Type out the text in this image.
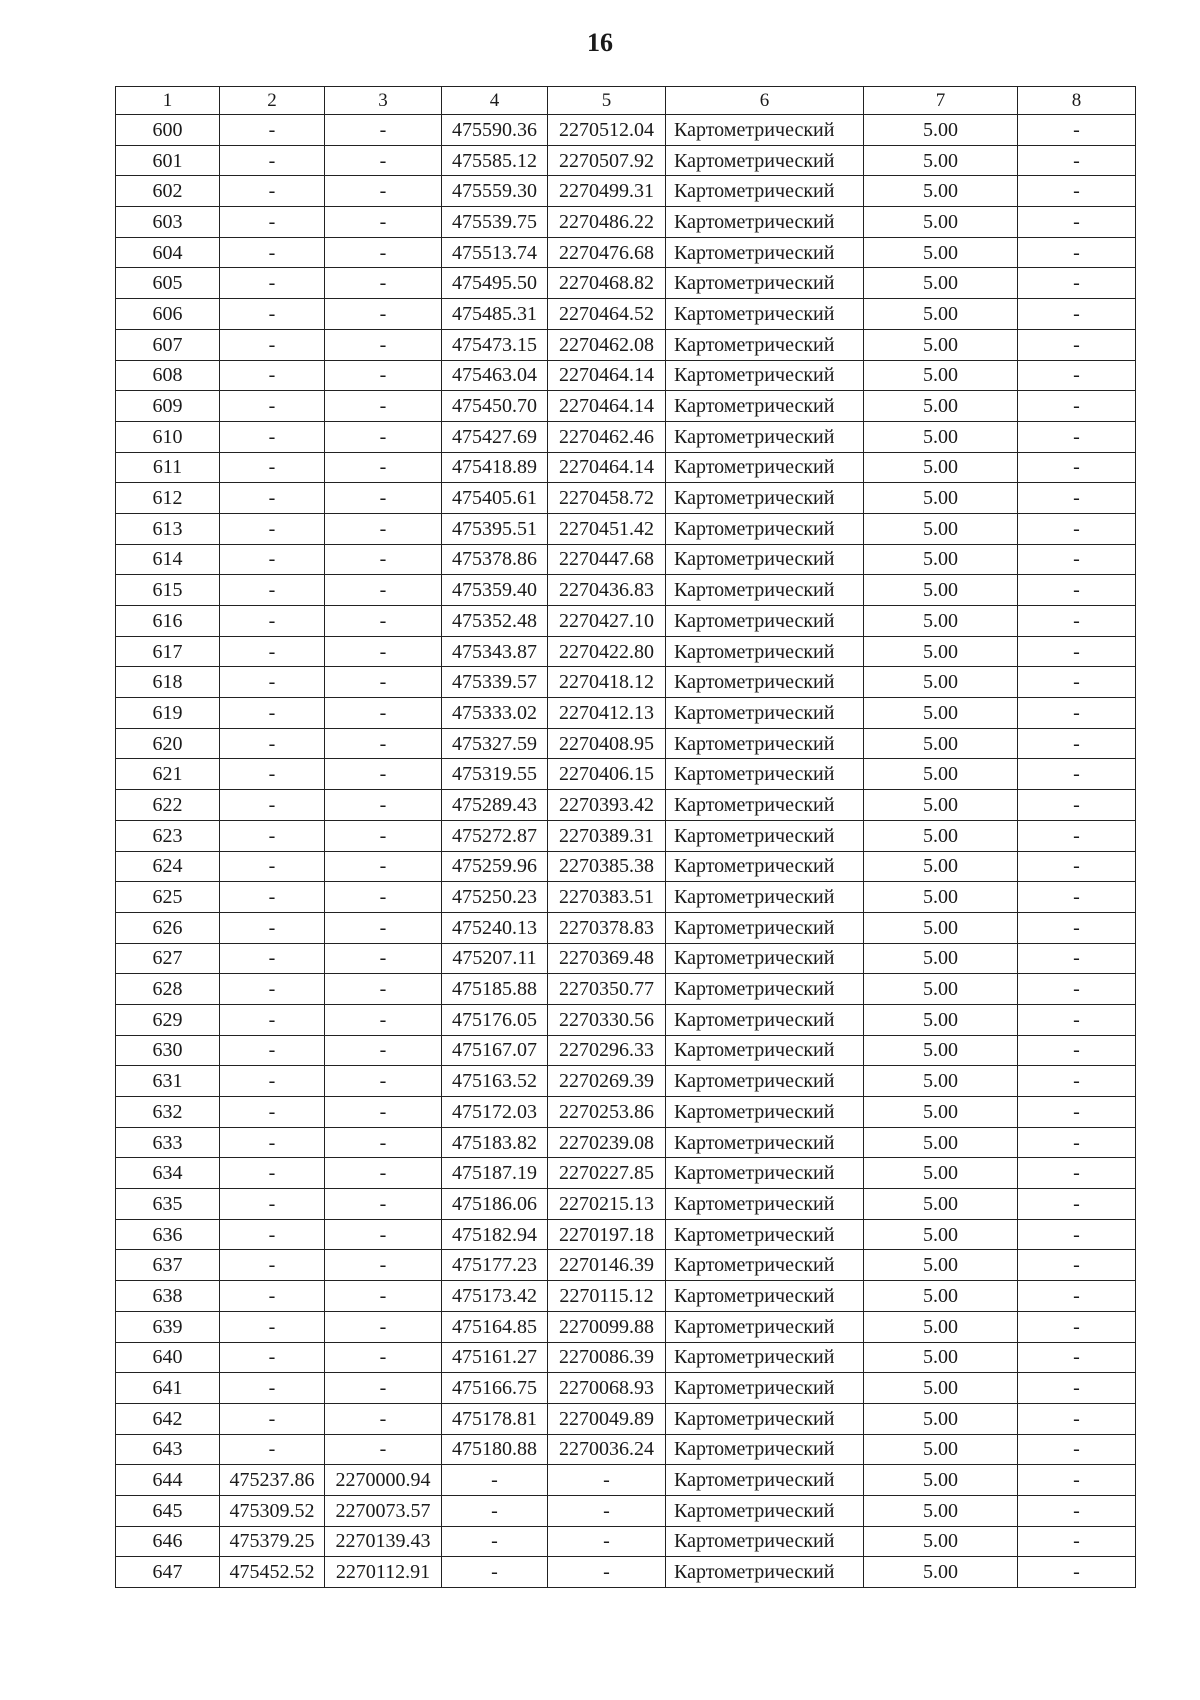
16
1	2	3	4	5	6	7	8
600	-	-	475590.36	2270512.04	Картометрический	5.00	-
601	-	-	475585.12	2270507.92	Картометрический	5.00	-
602	-	-	475559.30	2270499.31	Картометрический	5.00	-
603	-	-	475539.75	2270486.22	Картометрический	5.00	-
604	-	-	475513.74	2270476.68	Картометрический	5.00	-
605	-	-	475495.50	2270468.82	Картометрический	5.00	-
606	-	-	475485.31	2270464.52	Картометрический	5.00	-
607	-	-	475473.15	2270462.08	Картометрический	5.00	-
608	-	-	475463.04	2270464.14	Картометрический	5.00	-
609	-	-	475450.70	2270464.14	Картометрический	5.00	-
610	-	-	475427.69	2270462.46	Картометрический	5.00	-
611	-	-	475418.89	2270464.14	Картометрический	5.00	-
612	-	-	475405.61	2270458.72	Картометрический	5.00	-
613	-	-	475395.51	2270451.42	Картометрический	5.00	-
614	-	-	475378.86	2270447.68	Картометрический	5.00	-
615	-	-	475359.40	2270436.83	Картометрический	5.00	-
616	-	-	475352.48	2270427.10	Картометрический	5.00	-
617	-	-	475343.87	2270422.80	Картометрический	5.00	-
618	-	-	475339.57	2270418.12	Картометрический	5.00	-
619	-	-	475333.02	2270412.13	Картометрический	5.00	-
620	-	-	475327.59	2270408.95	Картометрический	5.00	-
621	-	-	475319.55	2270406.15	Картометрический	5.00	-
622	-	-	475289.43	2270393.42	Картометрический	5.00	-
623	-	-	475272.87	2270389.31	Картометрический	5.00	-
624	-	-	475259.96	2270385.38	Картометрический	5.00	-
625	-	-	475250.23	2270383.51	Картометрический	5.00	-
626	-	-	475240.13	2270378.83	Картометрический	5.00	-
627	-	-	475207.11	2270369.48	Картометрический	5.00	-
628	-	-	475185.88	2270350.77	Картометрический	5.00	-
629	-	-	475176.05	2270330.56	Картометрический	5.00	-
630	-	-	475167.07	2270296.33	Картометрический	5.00	-
631	-	-	475163.52	2270269.39	Картометрический	5.00	-
632	-	-	475172.03	2270253.86	Картометрический	5.00	-
633	-	-	475183.82	2270239.08	Картометрический	5.00	-
634	-	-	475187.19	2270227.85	Картометрический	5.00	-
635	-	-	475186.06	2270215.13	Картометрический	5.00	-
636	-	-	475182.94	2270197.18	Картометрический	5.00	-
637	-	-	475177.23	2270146.39	Картометрический	5.00	-
638	-	-	475173.42	2270115.12	Картометрический	5.00	-
639	-	-	475164.85	2270099.88	Картометрический	5.00	-
640	-	-	475161.27	2270086.39	Картометрический	5.00	-
641	-	-	475166.75	2270068.93	Картометрический	5.00	-
642	-	-	475178.81	2270049.89	Картометрический	5.00	-
643	-	-	475180.88	2270036.24	Картометрический	5.00	-
644	475237.86	2270000.94	-	-	Картометрический	5.00	-
645	475309.52	2270073.57	-	-	Картометрический	5.00	-
646	475379.25	2270139.43	-	-	Картометрический	5.00	-
647	475452.52	2270112.91	-	-	Картометрический	5.00	-
